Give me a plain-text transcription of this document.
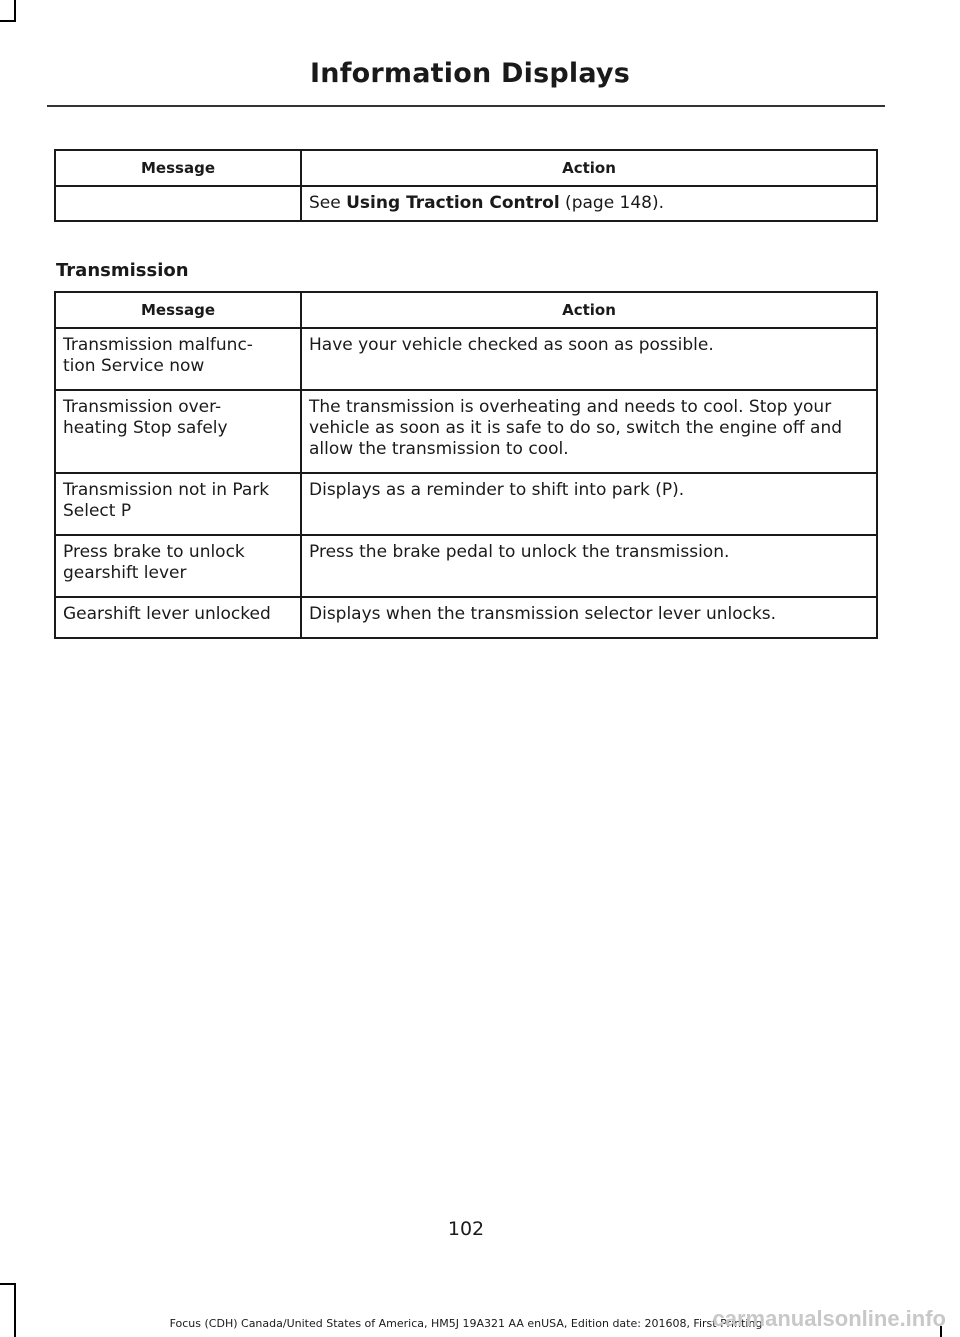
Information Displays
Message	Action
	See Using Traction Control (page 148).
Transmission
Message	Action
Transmission malfunc-
tion Service now	Have your vehicle checked as soon as possible.
Transmission over-
heating Stop safely	The transmission is overheating and needs to cool. Stop your vehicle as soon as it is safe to do so, switch the engine off and allow the transmission to cool.
Transmission not in Park
Select P	Displays as a reminder to shift into park (P).
Press brake to unlock
gearshift lever	Press the brake pedal to unlock the transmission.
Gearshift lever unlocked	Displays when the transmission selector lever unlocks.
102
Focus (CDH) Canada/United States of America, HM5J 19A321 AA enUSA, Edition date: 201608, First Printing
carmanualsonline.info
